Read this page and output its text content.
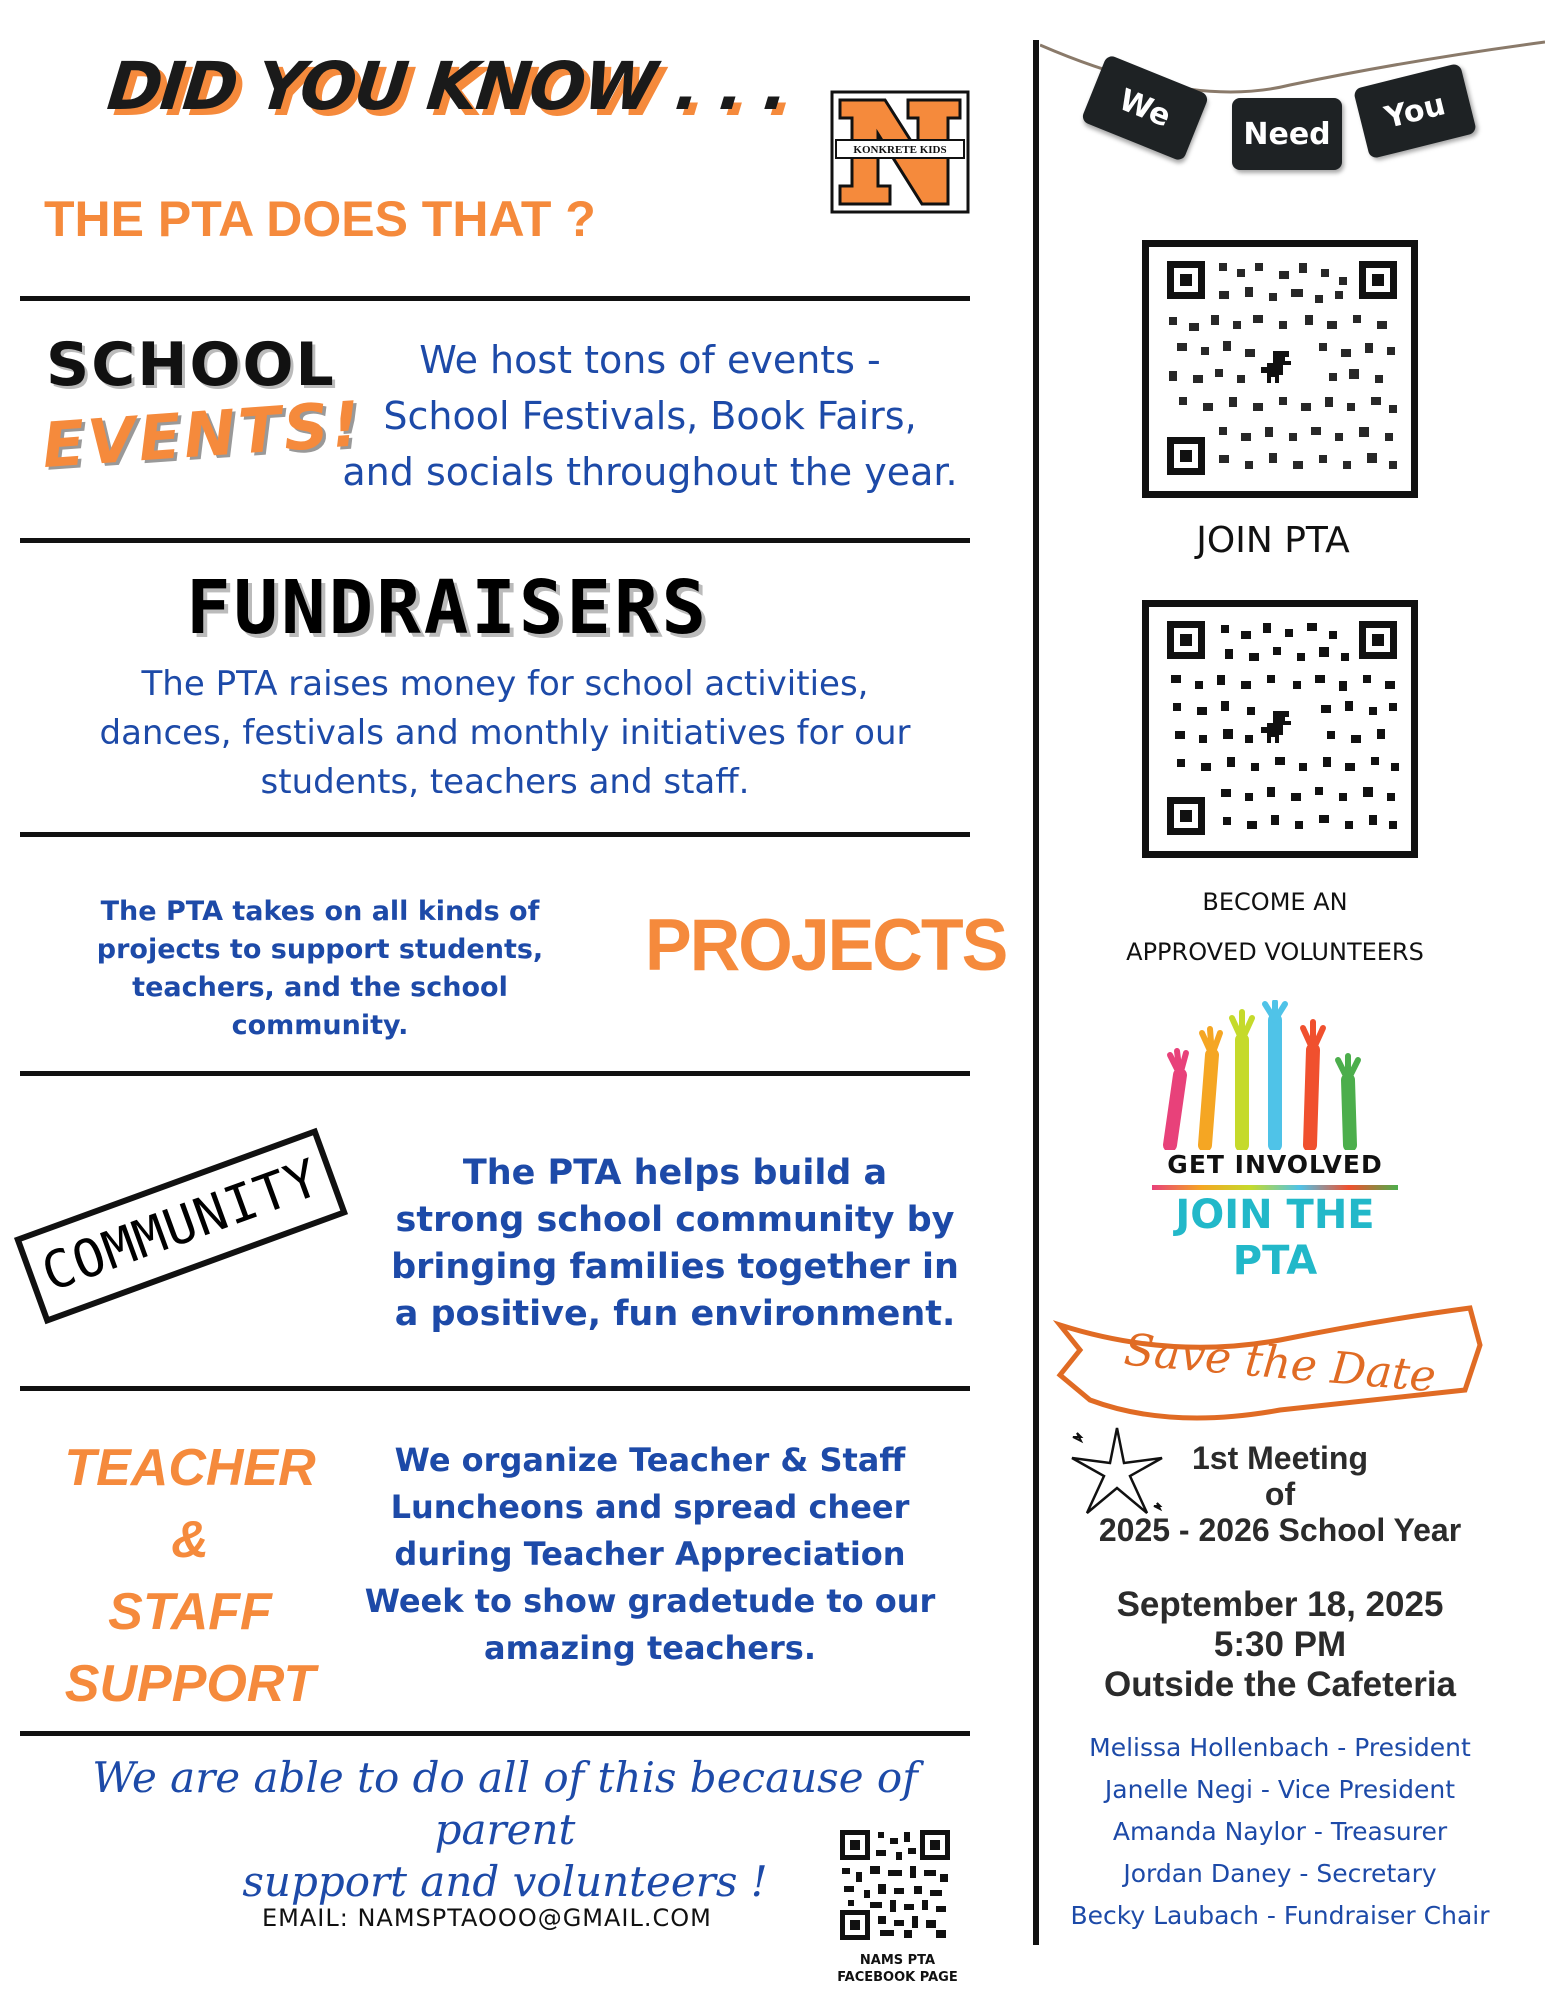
DID YOU KNOW . . .
THE PTA DOES THAT ?
KONKRETE KIDS
SCHOOL
EVENTS!
We host tons of events -
School Festivals, Book Fairs,
and socials throughout the year.
FUNDRAISERS
The PTA raises money for school activities,
dances, festivals and monthly initiatives for our
students, teachers and staff.
The PTA takes on all kinds of
projects to support students,
teachers, and the school
community.
PROJECTS
COMMUNITY	The PTA helps build a
strong school community by
bringing families together in
a positive, fun environment.
TEACHER &
STAFF
SUPPORT
We organize Teacher & Staff
Luncheons and spread cheer
during Teacher Appreciation
Week to show gradetude to our
amazing teachers.
We are able to do all of this because of parent
support and volunteers !
EMAIL: NAMSPTAOOO@GMAIL.COM
NAMS PTA
FACEBOOK PAGE
We Need You
JOIN PTA
BECOME AN
APPROVED VOLUNTEERS
GET INVOLVED
JOIN THE PTA
Save the Date
1st Meeting
of
2025 - 2026 School Year
September 18, 2025
5:30 PM
Outside the Cafeteria
Melissa Hollenbach - President
Janelle Negi - Vice President
Amanda Naylor - Treasurer
Jordan Daney - Secretary
Becky Laubach - Fundraiser Chair
